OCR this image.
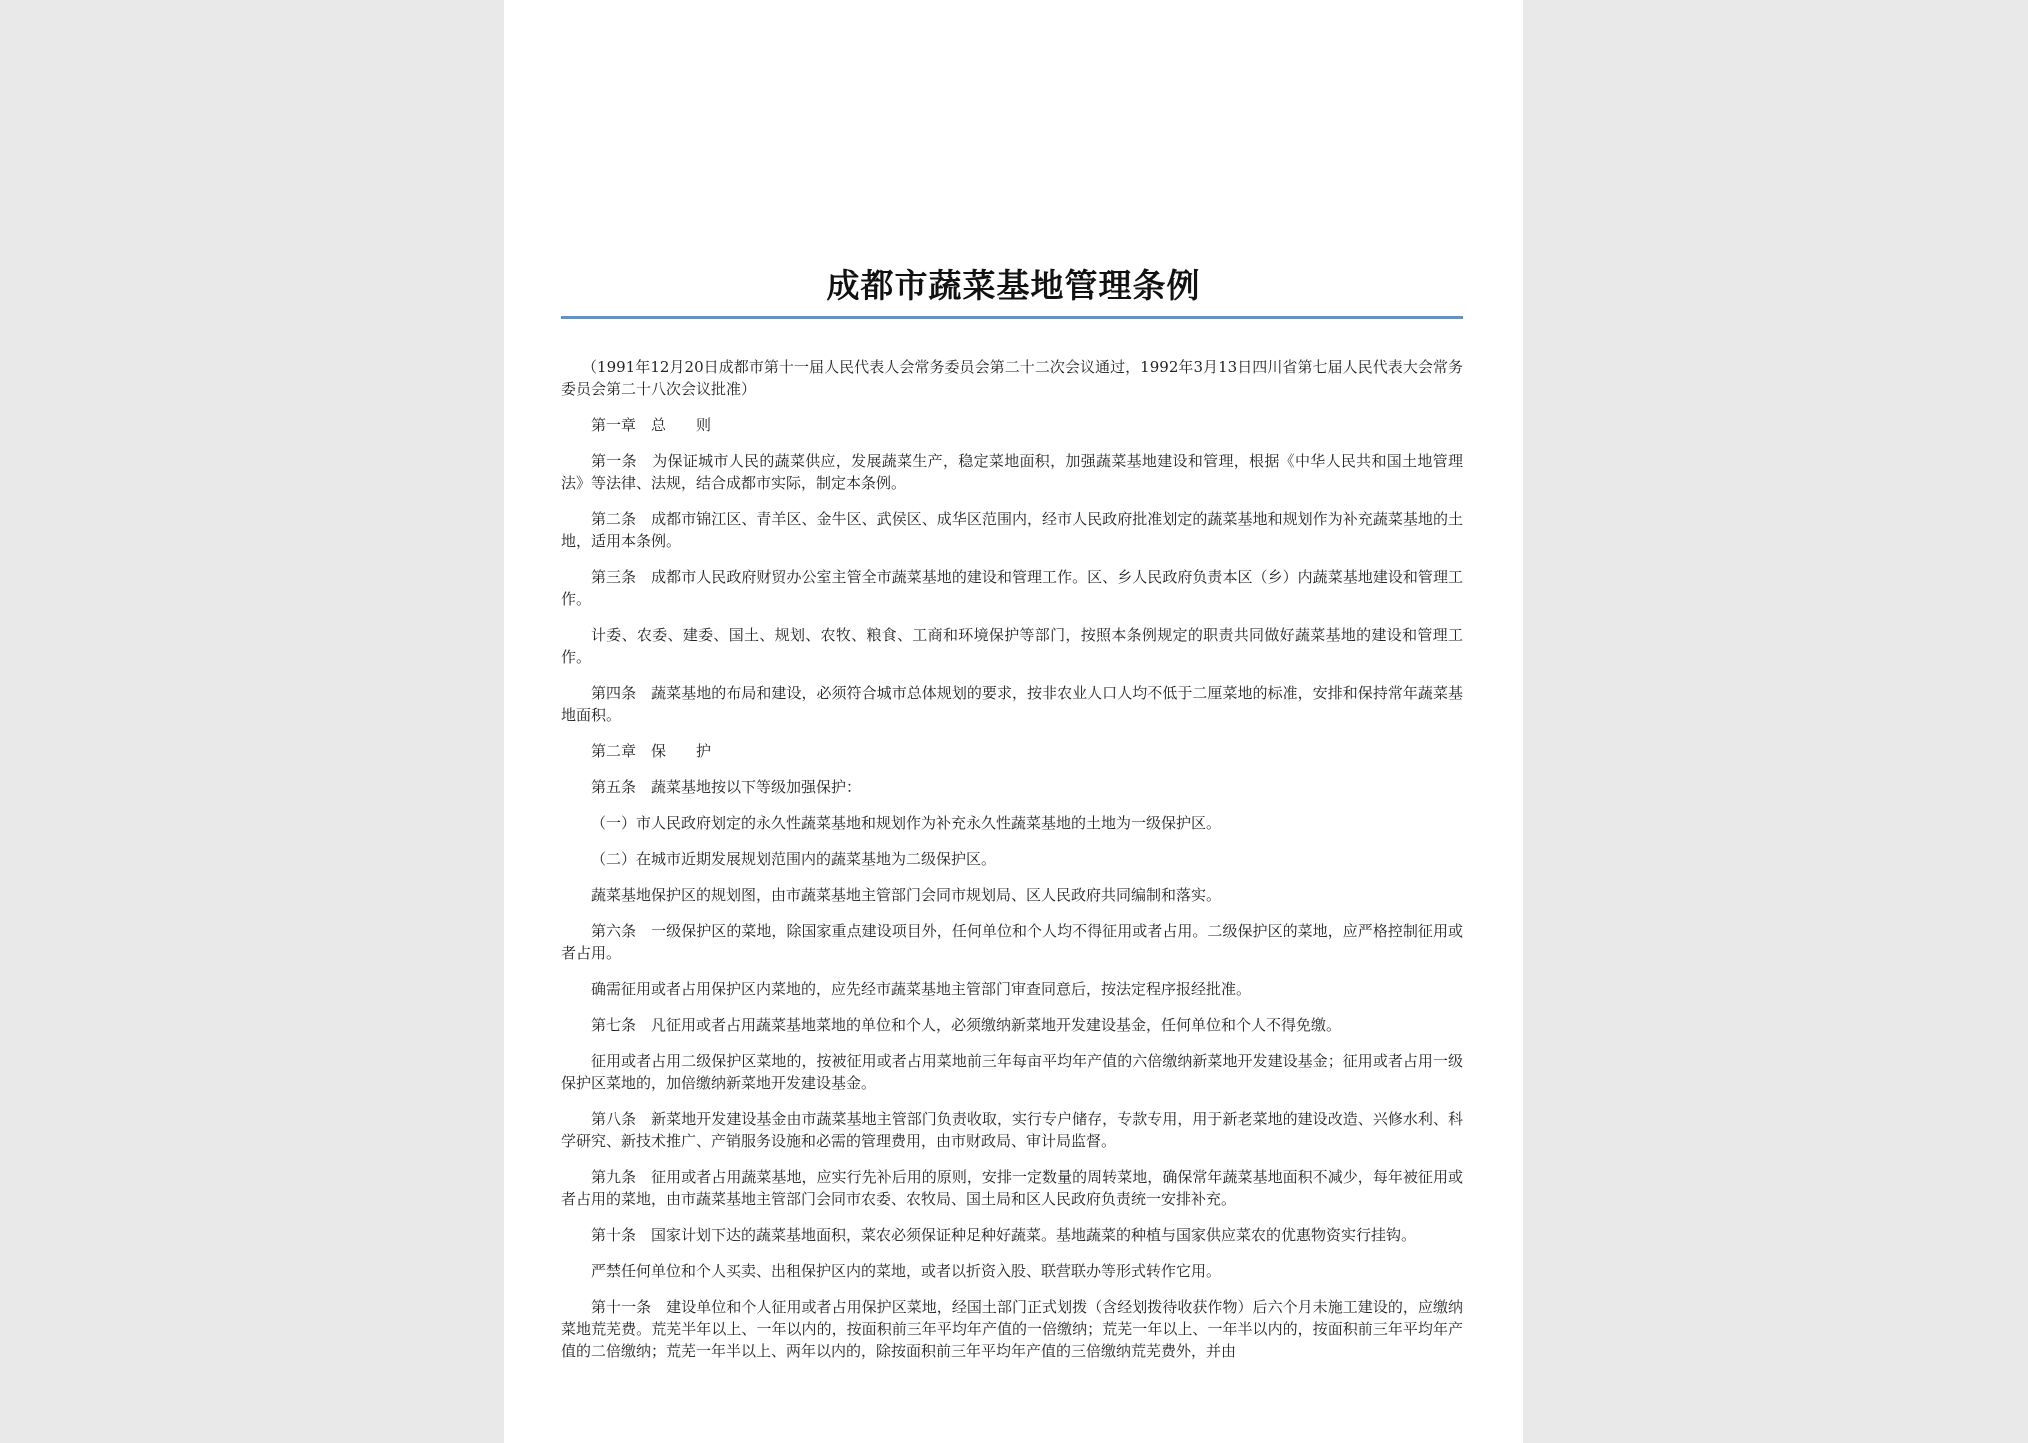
成都市蔬菜基地管理条例

（1991年12月20日成都市第十一届人民代表人会常务委员会第二十二次会议通过，1992年3月13日四川省第七届人民代表大会常务委员会第二十八次会议批准）

第一章　总　　则

第一条　为保证城市人民的蔬菜供应，发展蔬菜生产，稳定菜地面积，加强蔬菜基地建设和管理，根据《中华人民共和国土地管理法》等法律、法规，结合成都市实际，制定本条例。

第二条　成都市锦江区、青羊区、金牛区、武侯区、成华区范围内，经市人民政府批准划定的蔬菜基地和规划作为补充蔬菜基地的土地，适用本条例。

第三条　成都市人民政府财贸办公室主管全市蔬菜基地的建设和管理工作。区、乡人民政府负责本区（乡）内蔬菜基地建设和管理工作。

计委、农委、建委、国土、规划、农牧、粮食、工商和环境保护等部门，按照本条例规定的职责共同做好蔬菜基地的建设和管理工作。

第四条　蔬菜基地的布局和建设，必须符合城市总体规划的要求，按非农业人口人均不低于二厘菜地的标准，安排和保持常年蔬菜基地面积。

第二章　保　　护

第五条　蔬菜基地按以下等级加强保护：

（一）市人民政府划定的永久性蔬菜基地和规划作为补充永久性蔬菜基地的土地为一级保护区。

（二）在城市近期发展规划范围内的蔬菜基地为二级保护区。

蔬菜基地保护区的规划图，由市蔬菜基地主管部门会同市规划局、区人民政府共同编制和落实。

第六条　一级保护区的菜地，除国家重点建设项目外，任何单位和个人均不得征用或者占用。二级保护区的菜地，应严格控制征用或者占用。

确需征用或者占用保护区内菜地的，应先经市蔬菜基地主管部门审查同意后，按法定程序报经批准。

第七条　凡征用或者占用蔬菜基地菜地的单位和个人，必须缴纳新菜地开发建设基金，任何单位和个人不得免缴。

征用或者占用二级保护区菜地的，按被征用或者占用菜地前三年每亩平均年产值的六倍缴纳新菜地开发建设基金；征用或者占用一级保护区菜地的，加倍缴纳新菜地开发建设基金。

第八条　新菜地开发建设基金由市蔬菜基地主管部门负责收取，实行专户储存，专款专用，用于新老菜地的建设改造、兴修水利、科学研究、新技术推广、产销服务设施和必需的管理费用，由市财政局、审计局监督。

第九条　征用或者占用蔬菜基地，应实行先补后用的原则，安排一定数量的周转菜地，确保常年蔬菜基地面积不减少，每年被征用或者占用的菜地，由市蔬菜基地主管部门会同市农委、农牧局、国土局和区人民政府负责统一安排补充。

第十条　国家计划下达的蔬菜基地面积，菜农必须保证种足种好蔬菜。基地蔬菜的种植与国家供应菜农的优惠物资实行挂钩。

严禁任何单位和个人买卖、出租保护区内的菜地，或者以折资入股、联营联办等形式转作它用。

第十一条　建设单位和个人征用或者占用保护区菜地，经国土部门正式划拨（含经划拨待收获作物）后六个月未施工建设的，应缴纳菜地荒芜费。荒芜半年以上、一年以内的，按面积前三年平均年产值的一倍缴纳；荒芜一年以上、一年半以内的，按面积前三年平均年产值的二倍缴纳；荒芜一年半以上、两年以内的，除按面积前三年平均年产值的三倍缴纳荒芜费外，并由
